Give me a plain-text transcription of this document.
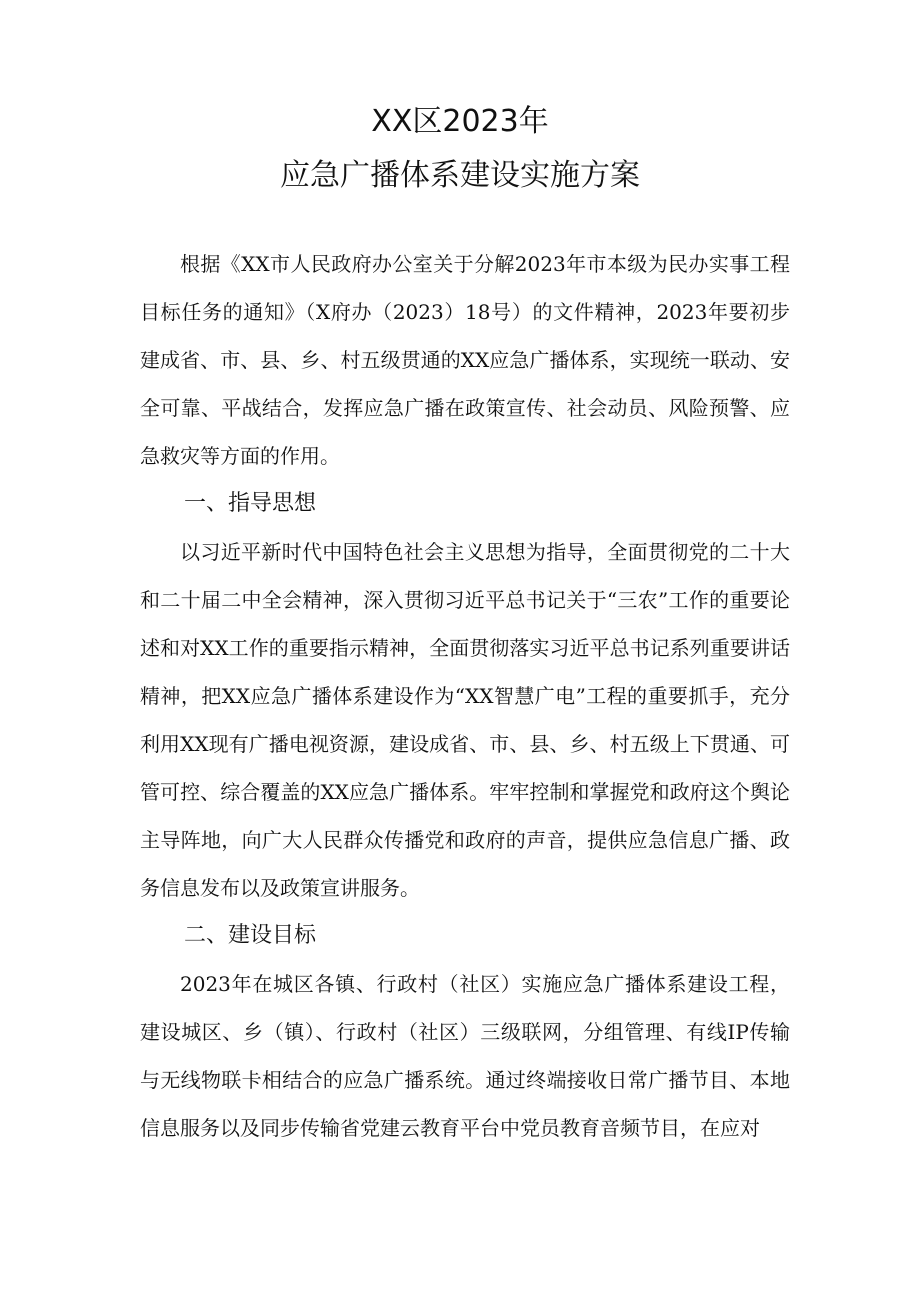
XX区2023年
应急广播体系建设实施方案

根据《XX市人民政府办公室关于分解2023年市本级为民办实事工程目标任务的通知》（X府办（2023）18号）的文件精神，2023年要初步建成省、市、县、乡、村五级贯通的XX应急广播体系，实现统一联动、安全可靠、平战结合，发挥应急广播在政策宣传、社会动员、风险预警、应急救灾等方面的作用。

一、指导思想

以习近平新时代中国特色社会主义思想为指导，全面贯彻党的二十大和二十届二中全会精神，深入贯彻习近平总书记关于“三农”工作的重要论述和对XX工作的重要指示精神，全面贯彻落实习近平总书记系列重要讲话精神，把XX应急广播体系建设作为“XX智慧广电”工程的重要抓手，充分利用XX现有广播电视资源，建设成省、市、县、乡、村五级上下贯通、可管可控、综合覆盖的XX应急广播体系。牢牢控制和掌握党和政府这个舆论主导阵地，向广大人民群众传播党和政府的声音，提供应急信息广播、政务信息发布以及政策宣讲服务。

二、建设目标

2023年在城区各镇、行政村（社区）实施应急广播体系建设工程，建设城区、乡（镇）、行政村（社区）三级联网，分组管理、有线IP传输与无线物联卡相结合的应急广播系统。通过终端接收日常广播节目、本地信息服务以及同步传输省党建云教育平台中党员教育音频节目，在应对
